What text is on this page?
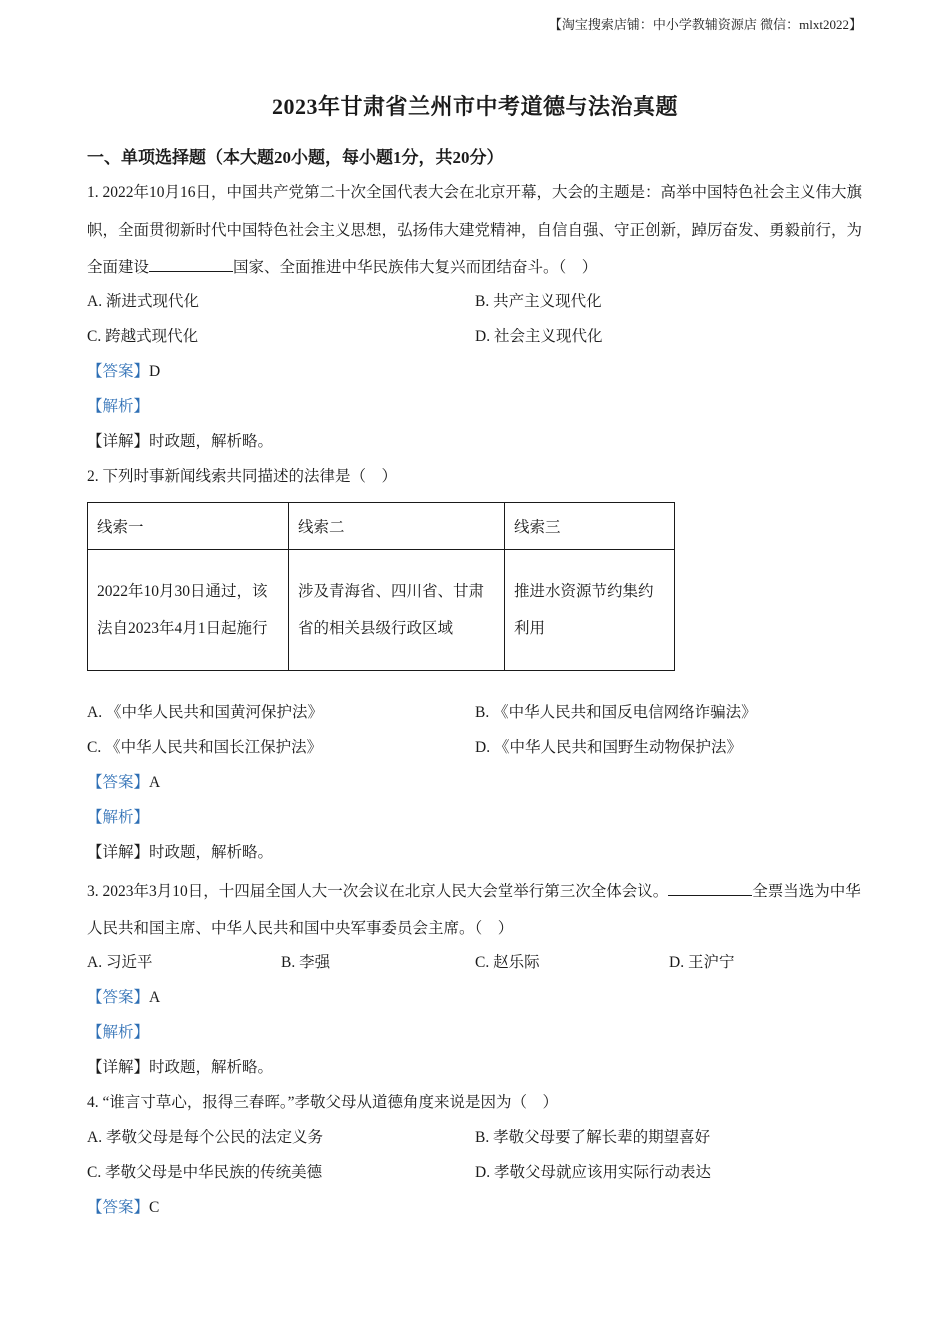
【淘宝搜索店铺：中小学教辅资源店 微信：mlxt2022】
2023年甘肃省兰州市中考道德与法治真题
一、单项选择题（本大题20小题，每小题1分，共20分）
1. 2022年10月16日，中国共产党第二十次全国代表大会在北京开幕，大会的主题是：高举中国特色社会主义伟大旗帜，全面贯彻新时代中国特色社会主义思想，弘扬伟大建党精神，自信自强、守正创新，踔厉奋发、勇毅前行，为全面建设	国家、全面推进中华民族伟大复兴而团结奋斗。（　）
A. 渐进式现代化	B. 共产主义现代化
C. 跨越式现代化	D. 社会主义现代化
【答案】D
【解析】
【详解】时政题，解析略。
2. 下列时事新闻线索共同描述的法律是（　）
线索一	线索二	线索三
2022年10月30日通过，该法自2023年4月1日起施行	涉及青海省、四川省、甘肃省的相关县级行政区域	推进水资源节约集约利用
A. 《中华人民共和国黄河保护法》	B. 《中华人民共和国反电信网络诈骗法》
C. 《中华人民共和国长江保护法》	D. 《中华人民共和国野生动物保护法》
【答案】A
【解析】
【详解】时政题，解析略。
3. 2023年3月10日，十四届全国人大一次会议在北京人民大会堂举行第三次全体会议。	全票当选为中华人民共和国主席、中华人民共和国中央军事委员会主席。（　）
A. 习近平	B. 李强	C. 赵乐际	D. 王沪宁
【答案】A
【解析】
【详解】时政题，解析略。
4. “谁言寸草心，报得三春晖。”孝敬父母从道德角度来说是因为（　）
A. 孝敬父母是每个公民的法定义务	B. 孝敬父母要了解长辈的期望喜好
C. 孝敬父母是中华民族的传统美德	D. 孝敬父母就应该用实际行动表达
【答案】C
